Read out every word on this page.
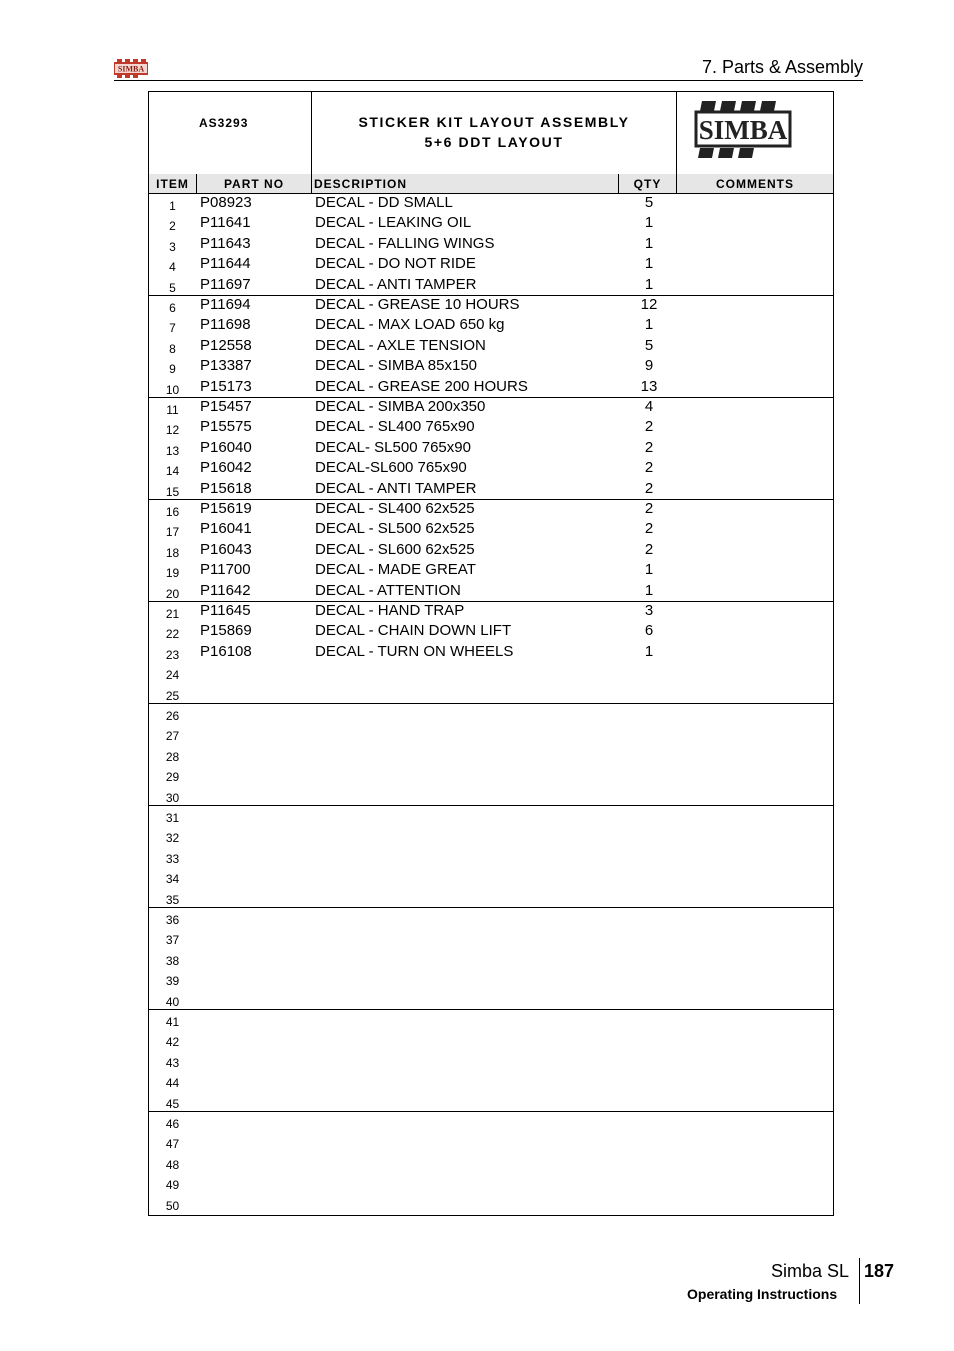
SIMBA	7. Parts & Assembly
AS3293	STICKER KIT LAYOUT ASSEMBLY
5+6 DDT LAYOUT	SIMBA
ITEM	PART NO	DESCRIPTION	QTY	COMMENTS
1	P08923	DECAL - DD SMALL	5
2	P11641	DECAL - LEAKING OIL	1
3	P11643	DECAL - FALLING WINGS	1
4	P11644	DECAL - DO NOT RIDE	1
5	P11697	DECAL - ANTI TAMPER	1
6	P11694	DECAL - GREASE 10 HOURS	12
7	P11698	DECAL - MAX LOAD 650 kg	1
8	P12558	DECAL - AXLE TENSION	5
9	P13387	DECAL - SIMBA 85x150	9
10	P15173	DECAL - GREASE 200 HOURS	13
11	P15457	DECAL - SIMBA 200x350	4
12	P15575	DECAL - SL400 765x90	2
13	P16040	DECAL- SL500 765x90	2
14	P16042	DECAL-SL600 765x90	2
15	P15618	DECAL - ANTI TAMPER	2
16	P15619	DECAL - SL400 62x525	2
17	P16041	DECAL - SL500 62x525	2
18	P16043	DECAL - SL600 62x525	2
19	P11700	DECAL - MADE GREAT	1
20	P11642	DECAL - ATTENTION	1
21	P11645	DECAL - HAND TRAP	3
22	P15869	DECAL - CHAIN DOWN LIFT	6
23	P16108	DECAL - TURN ON WHEELS	1
24
25
26
27
28
29
30
31
32
33
34
35
36
37
38
39
40
41
42
43
44
45
46
47
48
49
50
Simba SL 187
Operating Instructions
